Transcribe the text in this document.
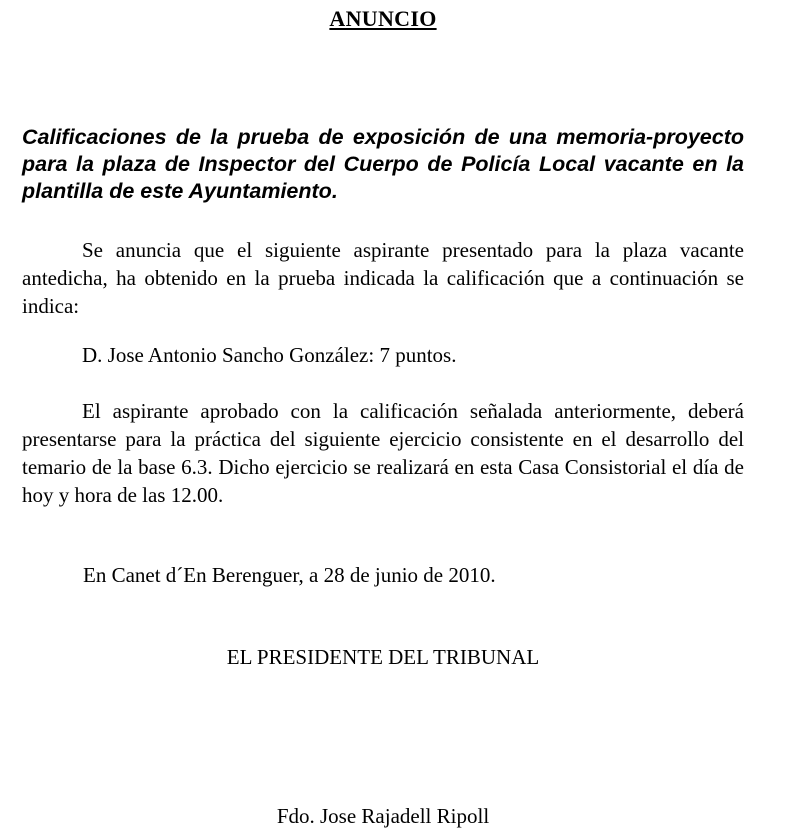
ANUNCIO
Calificaciones de la prueba de exposición de una memoria-proyecto para la plaza de Inspector del Cuerpo de Policía Local vacante en la plantilla de este Ayuntamiento.
Se anuncia que el siguiente aspirante presentado para la plaza vacante antedicha, ha obtenido en la prueba indicada la calificación que a continuación se indica:
D. Jose Antonio Sancho González: 7 puntos.
El aspirante aprobado con la calificación señalada anteriormente, deberá presentarse para la práctica del siguiente ejercicio consistente en el desarrollo del temario de la base 6.3. Dicho ejercicio se realizará en esta Casa Consistorial el día de hoy y hora de las 12.00.
En Canet d´En Berenguer, a 28 de junio de 2010.
EL PRESIDENTE DEL TRIBUNAL
Fdo. Jose Rajadell Ripoll
